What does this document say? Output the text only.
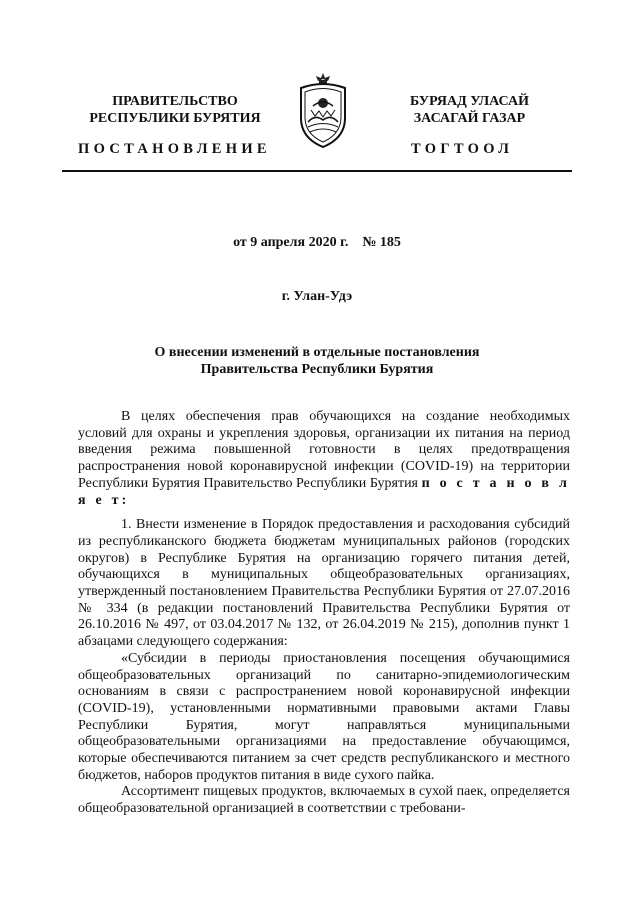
ПРАВИТЕЛЬСТВО
РЕСПУБЛИКИ БУРЯТИЯ
БУРЯАД УЛАСАЙ
ЗАСАГАЙ ГАЗАР
ПОСТАНОВЛЕНИЕ	ТОГТООЛ
от 9 апреля 2020 г.    № 185
г. Улан-Удэ
О внесении изменений в отдельные постановления
Правительства Республики Бурятия

В целях обеспечения прав обучающихся на создание необходимых условий для охраны и укрепления здоровья, организации их питания на период введения режима повышенной готовности в целях предотвращения распространения новой коронавирусной инфекции (COVID-19) на территории Республики Бурятия Правительство Республики Бурятия п о с т а н о в л я е т:

1. Внести изменение в Порядок предоставления и расходования субсидий из республиканского бюджета бюджетам муниципальных районов (городских округов) в Республике Бурятия на организацию горячего питания детей, обучающихся в муниципальных общеобразовательных организациях, утвержденный постановлением Правительства Республики Бурятия от 27.07.2016 № 334 (в редакции постановлений Правительства Республики Бурятия от 26.10.2016 № 497, от 03.04.2017 № 132, от 26.04.2019 № 215), дополнив пункт 1 абзацами следующего содержания:

«Субсидии в периоды приостановления посещения обучающимися общеобразовательных организаций по санитарно-эпидемиологическим основаниям в связи с распространением новой коронавирусной инфекции (COVID-19), установленными нормативными правовыми актами Главы Республики Бурятия, могут направляться муниципальными общеобразовательными организациями на предоставление обучающимся, которые обеспечиваются питанием за счет средств республиканского и местного бюджетов, наборов продуктов питания в виде сухого пайка.

Ассортимент пищевых продуктов, включаемых в сухой паек, определяется общеобразовательной организацией в соответствии с требовани-
